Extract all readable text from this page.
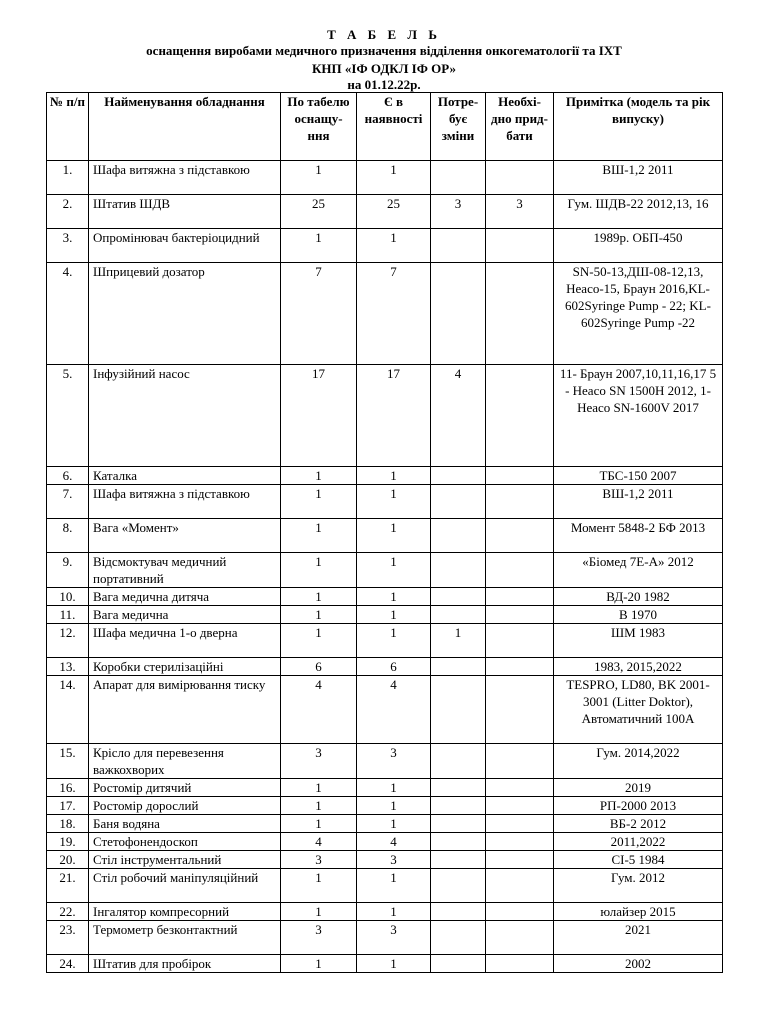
Т А Б Е Л Ь
оснащення виробами медичного призначення відділення онкогематології та ІХТ
КНП «ІФ ОДКЛ ІФ ОР»
на 01.12.22р.
№ п/п	Найменування обладнання	По табелю оснащу-ння	Є в наявності	Потре-бує зміни	Необхі-дно прид-бати	Примітка (модель та рік випуску)
1.	Шафа витяжна з підставкою	1	1			ВШ-1,2 2011
2.	Штатив ШДВ	25	25	3	3	Гум. ШДВ-22 2012,13, 16
3.	Опромінювач бактеріоцидний	1	1			1989р. ОБП-450
4.	Шприцевий дозатор	7	7			SN-50-13,ДШ-08-12,13, Heaco-15, Браун 2016,KL-602Syringe Pump - 22; KL-602Syringe Pump -22
5.	Інфузійний насос	17	17	4		11- Браун 2007,10,11,16,17 5 - Heaco SN 1500H 2012, 1- Heaco SN-1600V 2017
6.	Каталка	1	1			ТБС-150 2007
7.	Шафа витяжна з підставкою	1	1			ВШ-1,2 2011
8.	Вага «Момент»	1	1			Момент 5848-2 БФ 2013
9.	Відсмоктувач медичний портативний	1	1			«Біомед 7Е-А» 2012
10.	Вага медична дитяча	1	1			ВД-20 1982
11.	Вага медична	1	1			В 1970
12.	Шафа медична 1-о дверна	1	1	1		ШМ 1983
13.	Коробки стерилізаційні	6	6			1983, 2015,2022
14.	Апарат для вимірювання тиску	4	4			TESPRO, LD80, BK 2001-3001 (Litter Doktor), Автоматичний 100А
15.	Крісло для перевезення важкохворих	3	3			Гум. 2014,2022
16.	Ростомір дитячий	1	1			2019
17.	Ростомір дорослий	1	1			РП-2000 2013
18.	Баня водяна	1	1			ВБ-2 2012
19.	Стетофонендоскоп	4	4			2011,2022
20.	Стіл інструментальний	3	3			СІ-5 1984
21.	Стіл робочий маніпуляційний	1	1			Гум. 2012
22.	Інгалятор компресорний	1	1			юлайзер 2015
23.	Термометр безконтактний	3	3			2021
24.	Штатив для пробірок	1	1			2002
